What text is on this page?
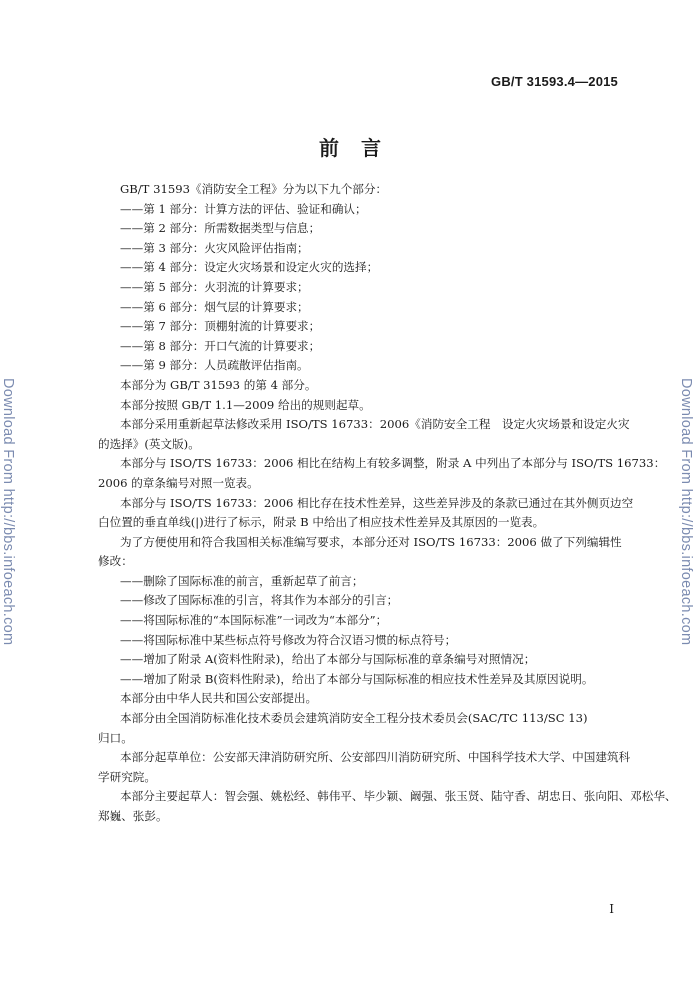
GB/T 31593.4—2015
前言
Download From http://bbs.infoeach.com	Download From http://bbs.infoeach.com
GB/T 31593《消防安全工程》分为以下九个部分：
——第 1 部分：计算方法的评估、验证和确认；
——第 2 部分：所需数据类型与信息；
——第 3 部分：火灾风险评估指南；
——第 4 部分：设定火灾场景和设定火灾的选择；
——第 5 部分：火羽流的计算要求；
——第 6 部分：烟气层的计算要求；
——第 7 部分：顶棚射流的计算要求；
——第 8 部分：开口气流的计算要求；
——第 9 部分：人员疏散评估指南。
本部分为 GB/T 31593 的第 4 部分。
本部分按照 GB/T 1.1—2009 给出的规则起草。
本部分采用重新起草法修改采用 ISO/TS 16733：2006《消防安全工程　设定火灾场景和设定火灾
的选择》(英文版)。
本部分与 ISO/TS 16733：2006 相比在结构上有较多调整，附录 A 中列出了本部分与 ISO/TS 16733：
2006 的章条编号对照一览表。
本部分与 ISO/TS 16733：2006 相比存在技术性差异，这些差异涉及的条款已通过在其外侧页边空
白位置的垂直单线(|)进行了标示，附录 B 中给出了相应技术性差异及其原因的一览表。
为了方便使用和符合我国相关标准编写要求，本部分还对 ISO/TS 16733：2006 做了下列编辑性
修改：
——删除了国际标准的前言，重新起草了前言；
——修改了国际标准的引言，将其作为本部分的引言；
——将国际标准的“本国际标准”一词改为“本部分”；
——将国际标准中某些标点符号修改为符合汉语习惯的标点符号；
——增加了附录 A(资料性附录)，给出了本部分与国际标准的章条编号对照情况；
——增加了附录 B(资料性附录)，给出了本部分与国际标准的相应技术性差异及其原因说明。
本部分由中华人民共和国公安部提出。
本部分由全国消防标准化技术委员会建筑消防安全工程分技术委员会(SAC/TC 113/SC 13)
归口。
本部分起草单位：公安部天津消防研究所、公安部四川消防研究所、中国科学技术大学、中国建筑科
学研究院。
本部分主要起草人：智会强、姚松经、韩伟平、毕少颖、阚强、张玉贤、陆守香、胡忠日、张向阳、邓松华、
郑巍、张彭。
I
